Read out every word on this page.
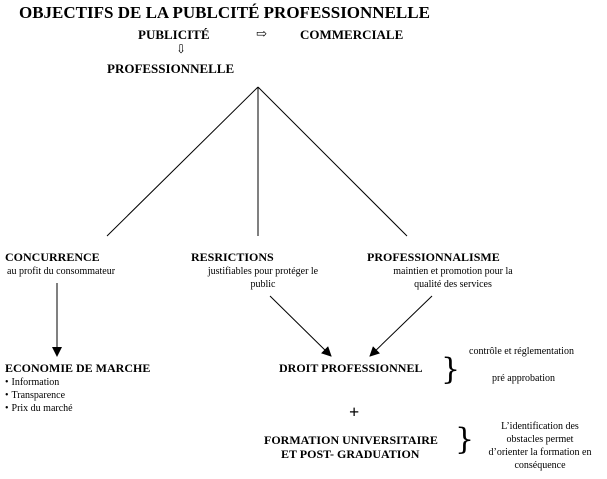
OBJECTIFS DE LA PUBLCITÉ PROFESSIONNELLE
PUBLICITÉ	⇨	COMMERCIALE
⇩
PROFESSIONNELLE
CONCURRENCE
au profit du consommateur
RESRICTIONS
justifiables pour protéger le
public
PROFESSIONNALISME
maintien et promotion pour la
qualité des services
ECONOMIE DE MARCHE
• Information
• Transparence
• Prix du marché
DROIT PROFESSIONNEL }
contrôle et réglementation
pré approbation
+
FORMATION UNIVERSITAIRE
ET POST- GRADUATION }	L’identification des
obstacles permet
d’orienter la formation en
conséquence
